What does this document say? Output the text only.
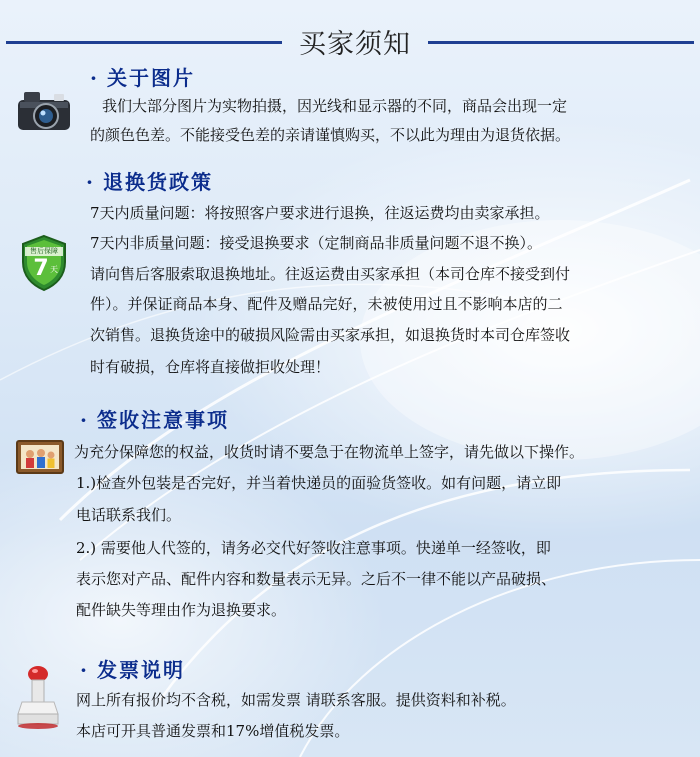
买家须知
· 关于图片
我们大部分图片为实物拍摄，因光线和显示器的不同，商品会出现一定
的颜色色差。不能接受色差的亲请谨慎购买，不以此为理由为退货依据。
· 退换货政策
售后保障
7 天
7天内质量问题：将按照客户要求进行退换，往返运费均由卖家承担。
7天内非质量问题：接受退换要求（定制商品非质量问题不退不换）。
请向售后客服索取退换地址。往返运费由买家承担（本司仓库不接受到付
件）。并保证商品本身、配件及赠品完好，未被使用过且不影响本店的二
次销售。退换货途中的破损风险需由买家承担，如退换货时本司仓库签收
时有破损，仓库将直接做拒收处理！
· 签收注意事项
为充分保障您的权益，收货时请不要急于在物流单上签字，请先做以下操作。
1.)检查外包装是否完好，并当着快递员的面验货签收。如有问题，请立即
电话联系我们。
2.) 需要他人代签的，请务必交代好签收注意事项。快递单一经签收，即
表示您对产品、配件内容和数量表示无异。之后不一律不能以产品破损、
配件缺失等理由作为退换要求。
· 发票说明
网上所有报价均不含税，如需发票 请联系客服。提供资料和补税。
本店可开具普通发票和17%增值税发票。
